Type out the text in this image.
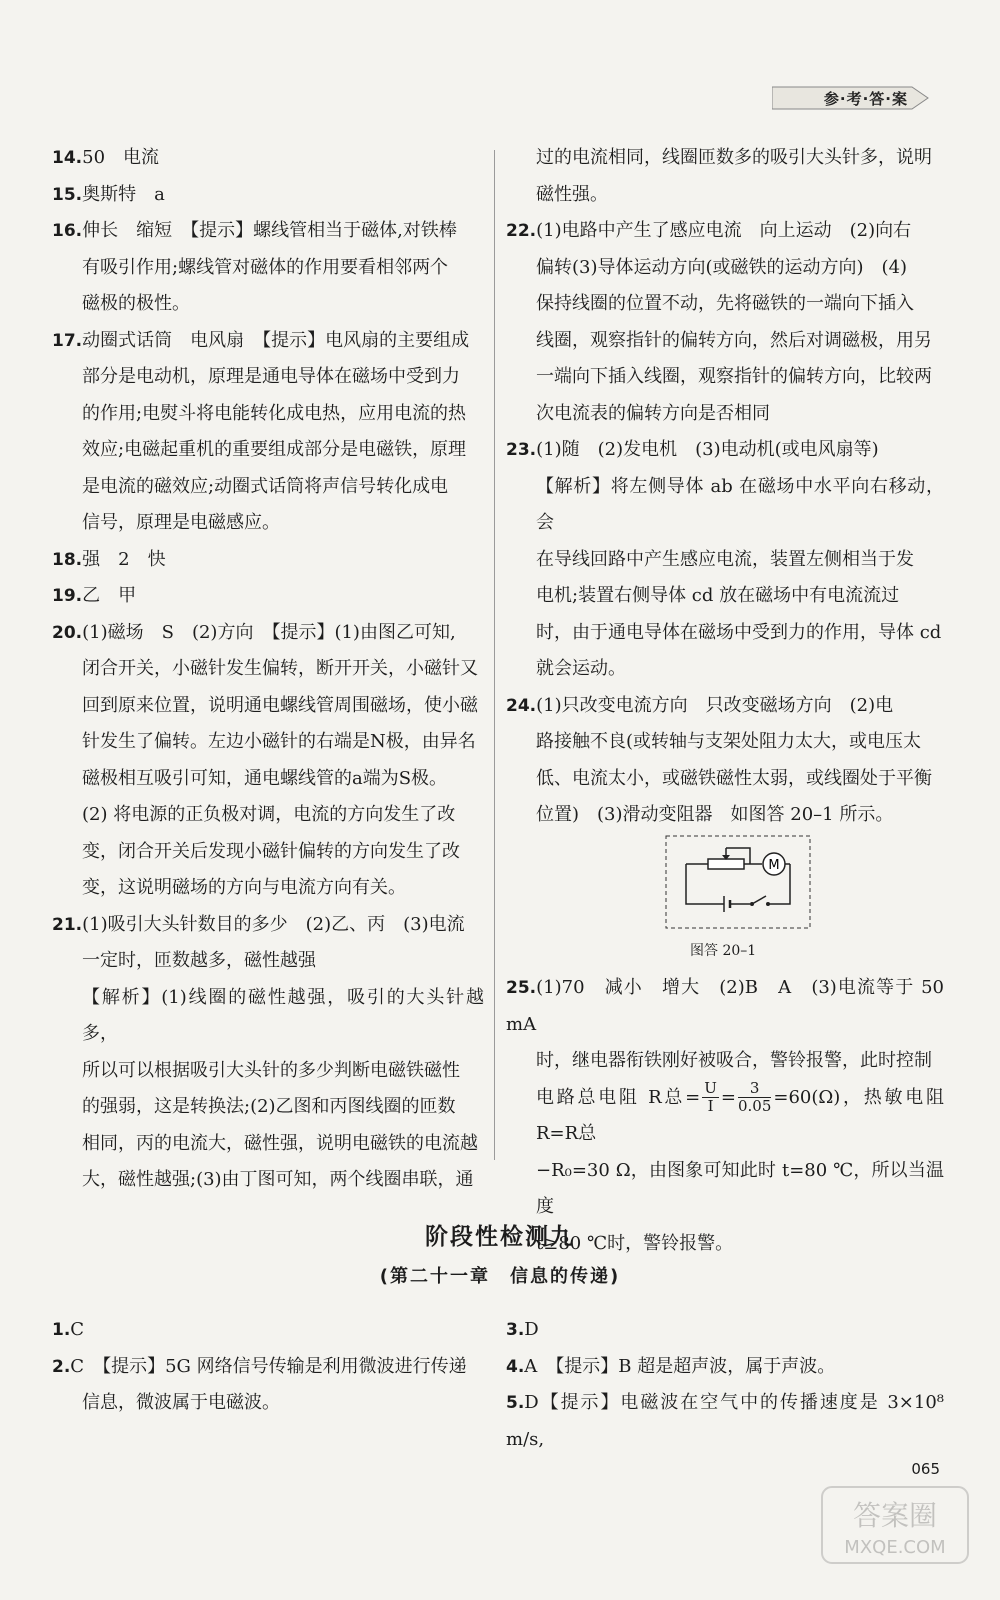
参·考·答·案

14.50　电流

15.奥斯特　a

16.伸长　缩短　【提示】螺线管相当于磁体,对铁棒

有吸引作用;螺线管对磁体的作用要看相邻两个

磁极的极性。

17.动圈式话筒　电风扇　【提示】电风扇的主要组成

部分是电动机，原理是通电导体在磁场中受到力

的作用;电熨斗将电能转化成电热，应用电流的热

效应;电磁起重机的重要组成部分是电磁铁，原理

是电流的磁效应;动圈式话筒将声信号转化成电

信号，原理是电磁感应。

18.强　2　快

19.乙　甲

20.(1)磁场　S　(2)方向　【提示】(1)由图乙可知,

闭合开关，小磁针发生偏转，断开开关，小磁针又

回到原来位置，说明通电螺线管周围磁场，使小磁

针发生了偏转。左边小磁针的右端是N极，由异名

磁极相互吸引可知，通电螺线管的a端为S极。

(2) 将电源的正负极对调，电流的方向发生了改

变，闭合开关后发现小磁针偏转的方向发生了改

变，这说明磁场的方向与电流方向有关。

21.(1)吸引大头针数目的多少　(2)乙、丙　(3)电流

一定时，匝数越多，磁性越强

【解析】(1)线圈的磁性越强，吸引的大头针越多，

所以可以根据吸引大头针的多少判断电磁铁磁性

的强弱，这是转换法;(2)乙图和丙图线圈的匝数

相同，丙的电流大，磁性强，说明电磁铁的电流越

大，磁性越强;(3)由丁图可知，两个线圈串联，通

过的电流相同，线圈匝数多的吸引大头针多，说明

磁性强。

22.(1)电路中产生了感应电流　向上运动　(2)向右

偏转(3)导体运动方向(或磁铁的运动方向)　(4)

保持线圈的位置不动，先将磁铁的一端向下插入

线圈，观察指针的偏转方向，然后对调磁极，用另

一端向下插入线圈，观察指针的偏转方向，比较两

次电流表的偏转方向是否相同

23.(1)随　(2)发电机　(3)电动机(或电风扇等)

【解析】将左侧导体 ab 在磁场中水平向右移动，会

在导线回路中产生感应电流，装置左侧相当于发

电机;装置右侧导体 cd 放在磁场中有电流流过

时，由于通电导体在磁场中受到力的作用，导体 cd

就会运动。

24.(1)只改变电流方向　只改变磁场方向　(2)电

路接触不良(或转轴与支架处阻力太大，或电压太

低、电流太小，或磁铁磁性太弱，或线圈处于平衡

位置)　(3)滑动变阻器　如图答 20–1 所示。

M
图答 20–1

25.(1)70　减小　增大　(2)B　A　(3)电流等于 50 mA

时，继电器衔铁刚好被吸合，警铃报警，此时控制

电路总电阻 R总= $\frac{U}{I} = \frac{3}{0.05} =60(\Omega)$，热敏电阻 R=R总

−R₀=30 Ω，由图象可知此时 t=80 ℃，所以当温度

t≥80 ℃时，警铃报警。

阶段性检测九
(第二十一章　信息的传递)

1.C

2.C　【提示】5G 网络信号传输是利用微波进行传递

信息，微波属于电磁波。

3.D

4.A　【提示】B 超是超声波，属于声波。

5.D【提示】电磁波在空气中的传播速度是 3×10⁸ m/s,

065
答案圈
MXQE.COM
